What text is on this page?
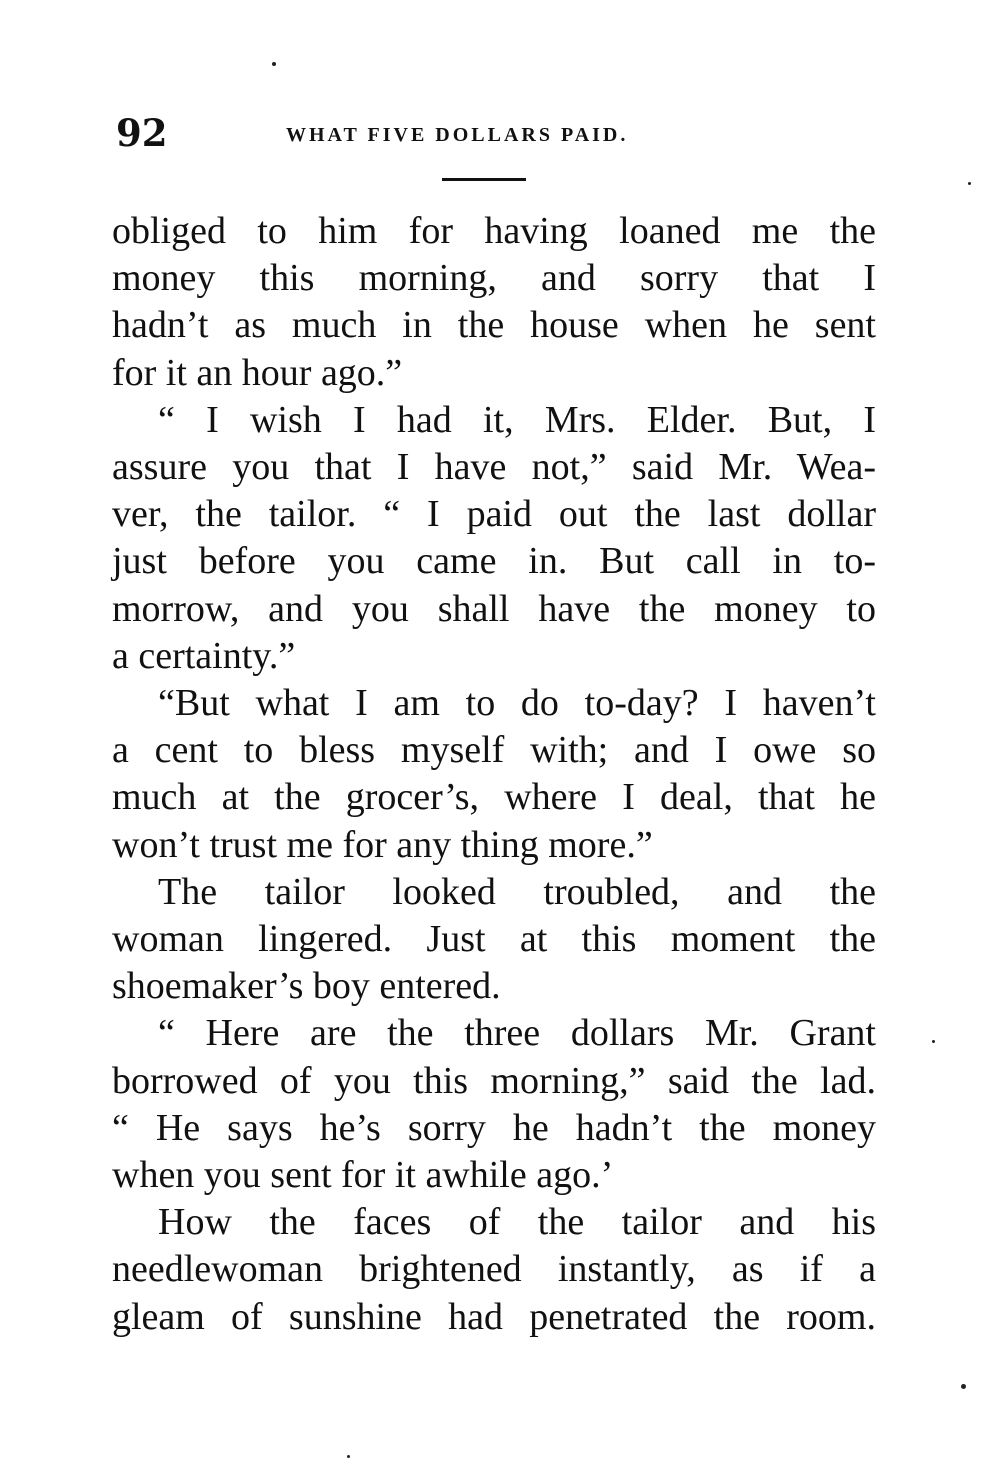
92	WHAT FIVE DOLLARS PAID.

obliged to him for having loaned me the
money this morning, and sorry that I
hadn’t as much in the house when he sent
for it an hour ago.”

“ I wish I had it, Mrs. Elder. But, I
assure you that I have not,” said Mr. Wea-
ver, the tailor. “ I paid out the last dollar
just before you came in. But call in to-
morrow, and you shall have the money to
a certainty.”

“But what I am to do to-day? I haven’t
a cent to bless myself with; and I owe so
much at the grocer’s, where I deal, that he
won’t trust me for any thing more.”

The tailor looked troubled, and the
woman lingered. Just at this moment the
shoemaker’s boy entered.

“ Here are the three dollars Mr. Grant
borrowed of you this morning,” said the lad.
“ He says he’s sorry he hadn’t the money
when you sent for it awhile ago.’

How the faces of the tailor and his
needlewoman brightened instantly, as if a
gleam of sunshine had penetrated the room.
